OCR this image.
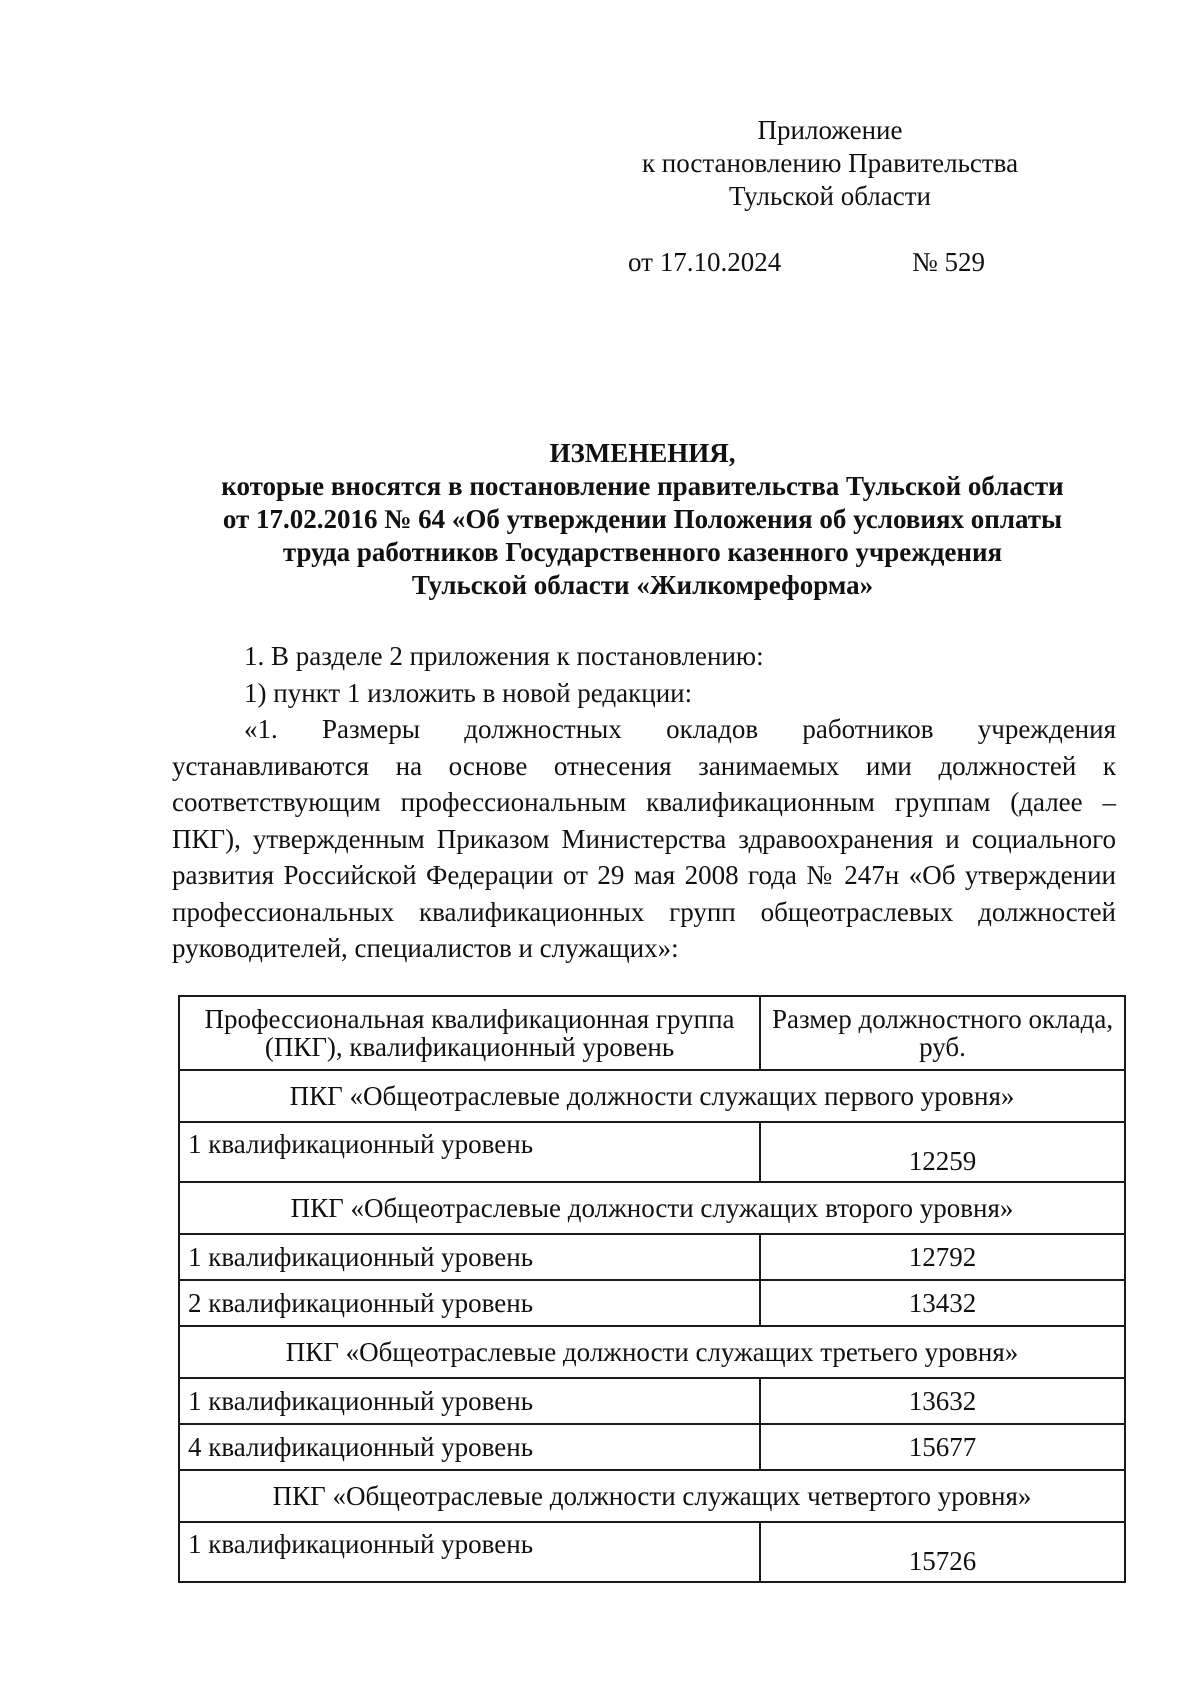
Приложение
к постановлению Правительства
Тульской области
от 17.10.2024	№ 529
ИЗМЕНЕНИЯ,
которые вносятся в постановление правительства Тульской области
от 17.02.2016 № 64 «Об утверждении Положения об условиях оплаты
труда работников Государственного казенного учреждения
Тульской области «Жилкомреформа»

1. В разделе 2 приложения к постановлению:

1) пункт 1 изложить в новой редакции:

«1. Размеры должностных окладов работников учреждения устанавливаются на основе отнесения занимаемых ими должностей к соответствующим профессиональным квалификационным группам (далее – ПКГ), утвержденным Приказом Министерства здравоохранения и социального развития Российской Федерации от 29 мая 2008 года № 247н «Об утверждении профессиональных квалификационных групп общеотраслевых должностей руководителей, специалистов и служащих»:

Профессиональная квалификационная группа (ПКГ), квалификационный уровень	Размер должностного оклада, руб.
ПКГ «Общеотраслевые должности служащих первого уровня»	
1 квалификационный уровень	12259
ПКГ «Общеотраслевые должности служащих второго уровня»	
1 квалификационный уровень	12792
2 квалификационный уровень	13432
ПКГ «Общеотраслевые должности служащих третьего уровня»	
1 квалификационный уровень	13632
4 квалификационный уровень	15677
ПКГ «Общеотраслевые должности служащих четвертого уровня»	
1 квалификационный уровень	15726
